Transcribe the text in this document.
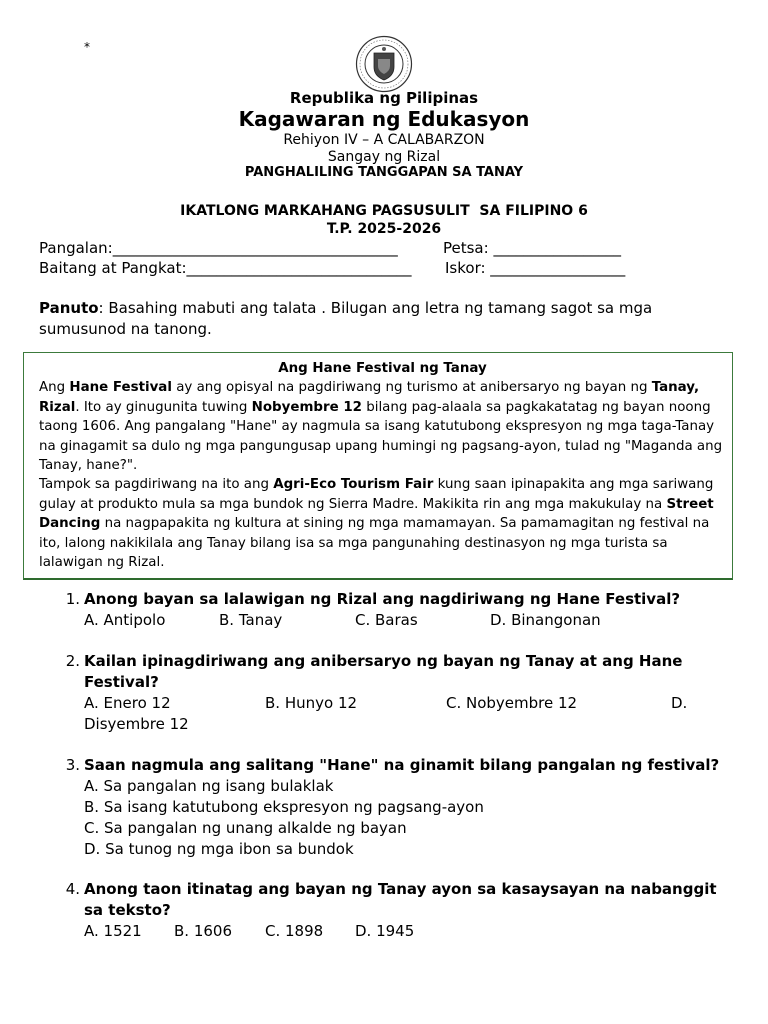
*
Republika ng Pilipinas
Kagawaran ng Edukasyon
Rehiyon IV – A CALABARZON
Sangay ng Rizal
PANGHALILING TANGGAPAN SA TANAY
IKATLONG MARKAHANG PAGSUSULIT  SA FILIPINO 6
T.P. 2025-2026
Pangalan:______________________________________	Petsa: _________________
Baitang at Pangkat:______________________________ Iskor: __________________
Panuto: Basahing mabuti ang talata . Bilugan ang letra ng tamang sagot sa mga sumusunod na tanong.
Ang Hane Festival ng Tanay
Ang Hane Festival ay ang opisyal na pagdiriwang ng turismo at anibersaryo ng bayan ng Tanay, Rizal. Ito ay ginugunita tuwing Nobyembre 12 bilang pag-alaala sa pagkakatatag ng bayan noong taong 1606. Ang pangalang "Hane" ay nagmula sa isang katutubong ekspresyon ng mga taga-Tanay na ginagamit sa dulo ng mga pangungusap upang humingi ng pagsang-ayon, tulad ng "Maganda ang Tanay, hane?".
Tampok sa pagdiriwang na ito ang Agri-Eco Tourism Fair kung saan ipinapakita ang mga sariwang gulay at produkto mula sa mga bundok ng Sierra Madre. Makikita rin ang mga makukulay na Street Dancing na nagpapakita ng kultura at sining ng mga mamamayan. Sa pamamagitan ng festival na ito, lalong nakikilala ang Tanay bilang isa sa mga pangunahing destinasyon ng mga turista sa lalawigan ng Rizal.
1. Anong bayan sa lalawigan ng Rizal ang nagdiriwang ng Hane Festival?
A. Antipolo	B. Tanay	C. Baras	D. Binangonan
2. Kailan ipinagdiriwang ang anibersaryo ng bayan ng Tanay at ang Hane Festival?
A. Enero 12	B. Hunyo 12	C. Nobyembre 12	D.
Disyembre 12
3. Saan nagmula ang salitang "Hane" na ginamit bilang pangalan ng festival?
A. Sa pangalan ng isang bulaklak
B. Sa isang katutubong ekspresyon ng pagsang-ayon
C. Sa pangalan ng unang alkalde ng bayan
D. Sa tunog ng mga ibon sa bundok
4. Anong taon itinatag ang bayan ng Tanay ayon sa kasaysayan na nabanggit sa teksto?
A. 1521 B. 1606 C. 1898 D. 1945
